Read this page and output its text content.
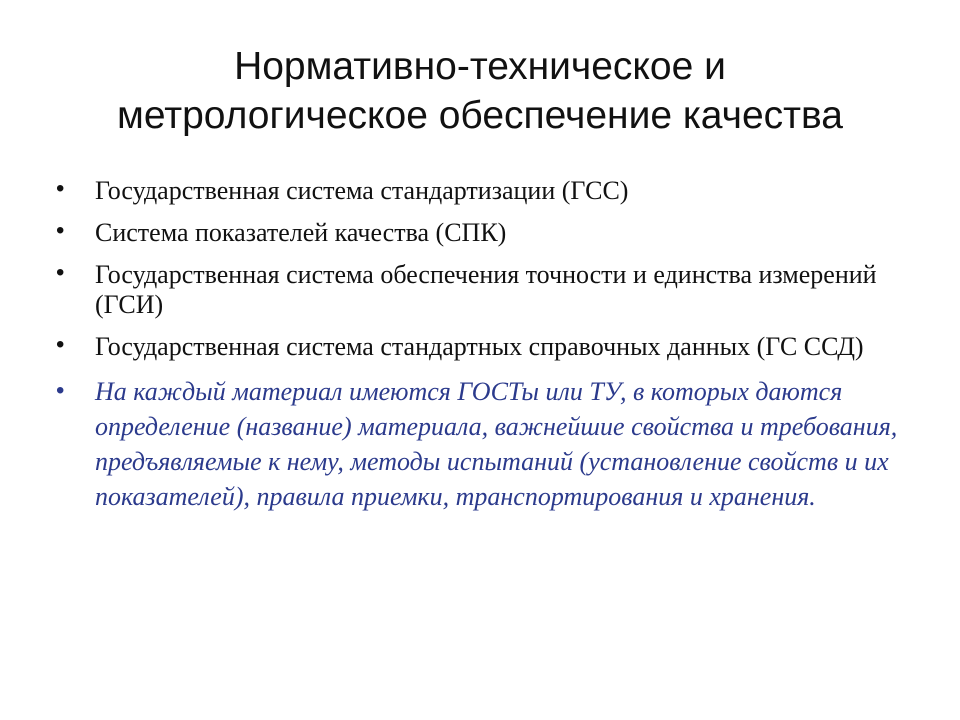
Нормативно-техническое и
метрологическое обеспечение качества
• Государственная система стандартизации (ГСС)
• Система показателей качества (СПК)
• Государственная система обеспечения точности и единства измерений (ГСИ)
• Государственная система стандартных справочных данных (ГС ССД)
• На каждый материал имеются ГОСТы или ТУ, в которых даются определение (название) материала, важнейшие свойства и требования, предъявляемые к нему, методы испытаний (установление свойств и их показателей), правила приемки, транспортирования и хранения.
